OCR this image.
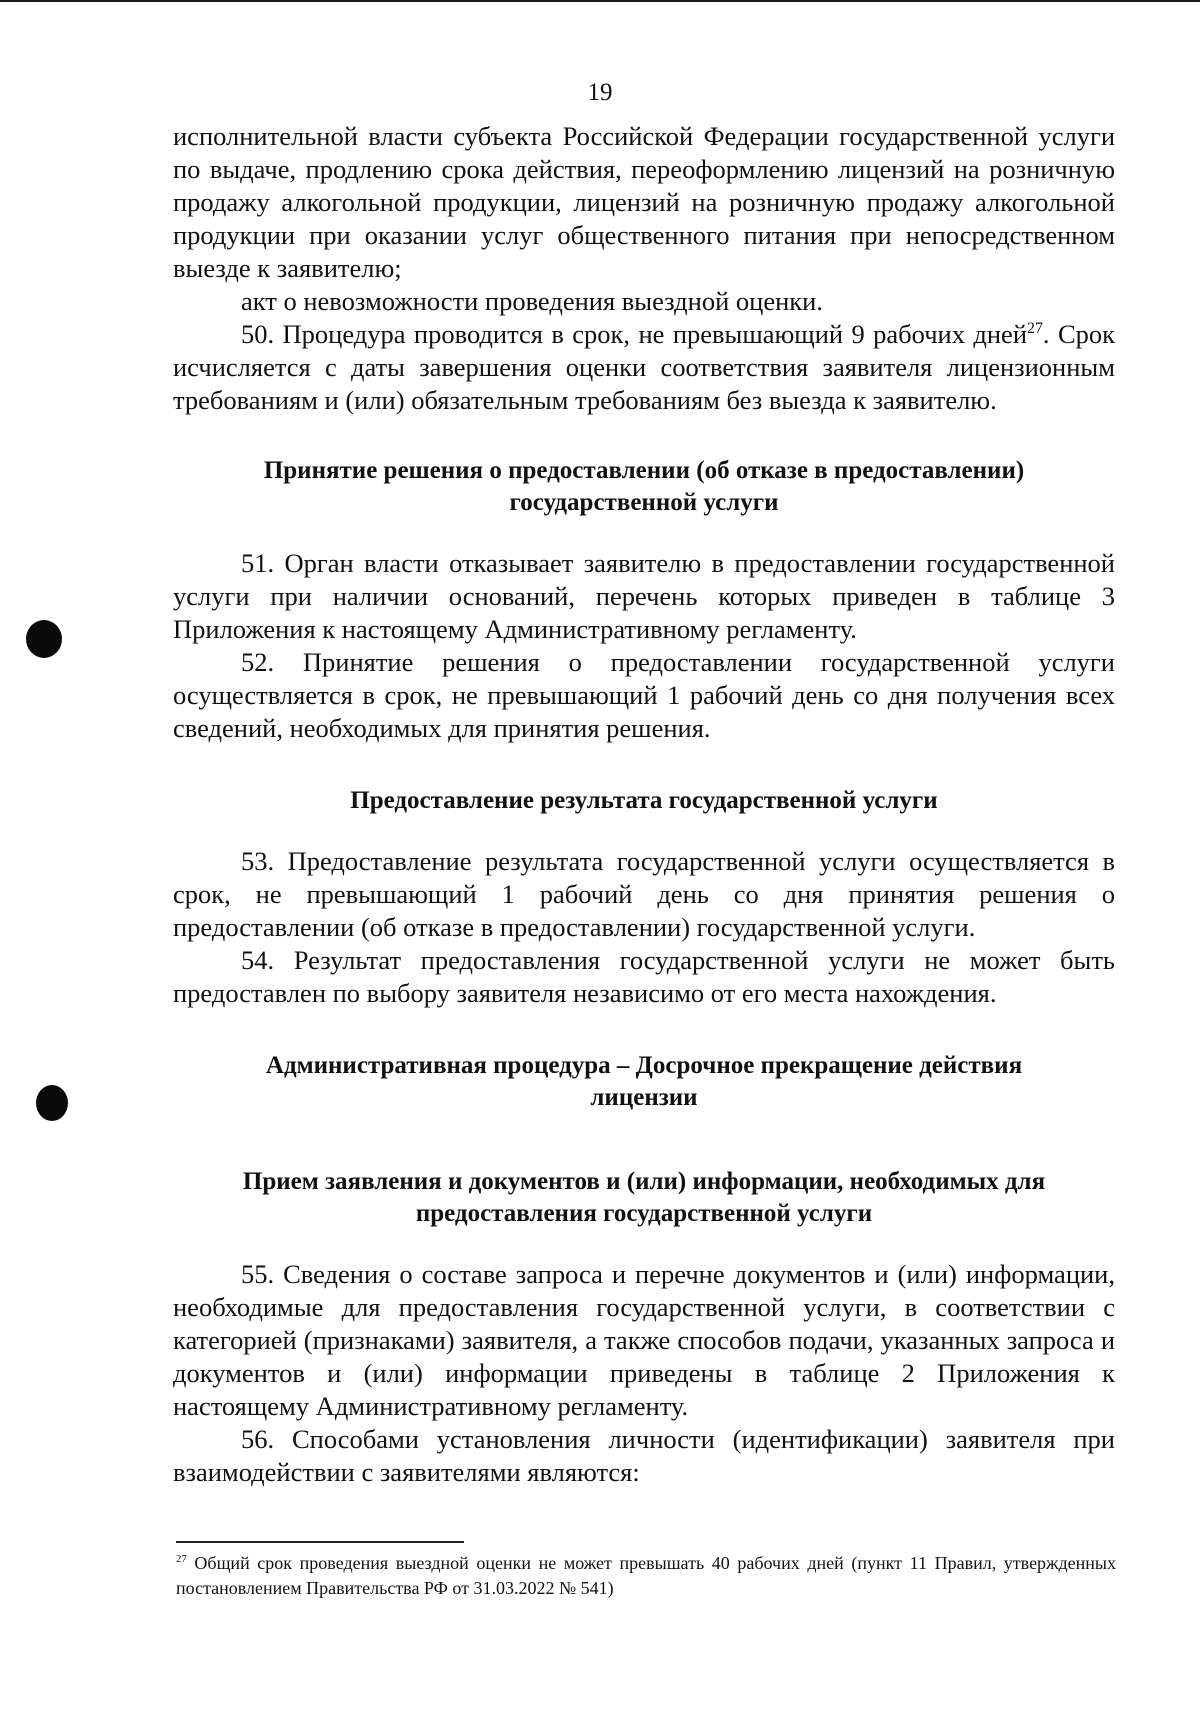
19

исполнительной власти субъекта Российской Федерации государственной услуги по выдаче, продлению срока действия, переоформлению лицензий на розничную продажу алкогольной продукции, лицензий на розничную продажу алкогольной продукции при оказании услуг общественного питания при непосредственном выезде к заявителю;

акт о невозможности проведения выездной оценки.

50. Процедура проводится в срок, не превышающий 9 рабочих дней$^{27}$. Срок исчисляется с даты завершения оценки соответствия заявителя лицензионным требованиям и (или) обязательным требованиям без выезда к заявителю.

Принятие решения о предоставлении (об отказе в предоставлении)
государственной услуги

51. Орган власти отказывает заявителю в предоставлении государственной услуги при наличии оснований, перечень которых приведен в таблице 3 Приложения к настоящему Административному регламенту.

52. Принятие решения о предоставлении государственной услуги осуществляется в срок, не превышающий 1 рабочий день со дня получения всех сведений, необходимых для принятия решения.

Предоставление результата государственной услуги

53. Предоставление результата государственной услуги осуществляется в срок, не превышающий 1 рабочий день со дня принятия решения о предоставлении (об отказе в предоставлении) государственной услуги.

54. Результат предоставления государственной услуги не может быть предоставлен по выбору заявителя независимо от его места нахождения.

Административная процедура – Досрочное прекращение действия
лицензии
Прием заявления и документов и (или) информации, необходимых для
предоставления государственной услуги

55. Сведения о составе запроса и перечне документов и (или) информации, необходимые для предоставления государственной услуги, в соответствии с категорией (признаками) заявителя, а также способов подачи, указанных запроса и документов и (или) информации приведены в таблице 2 Приложения к настоящему Административному регламенту.

56. Способами установления личности (идентификации) заявителя при взаимодействии с заявителями являются:

$^{27}$ Общий срок проведения выездной оценки не может превышать 40 рабочих дней (пункт 11 Правил, утвержденных постановлением Правительства РФ от 31.03.2022 № 541)
